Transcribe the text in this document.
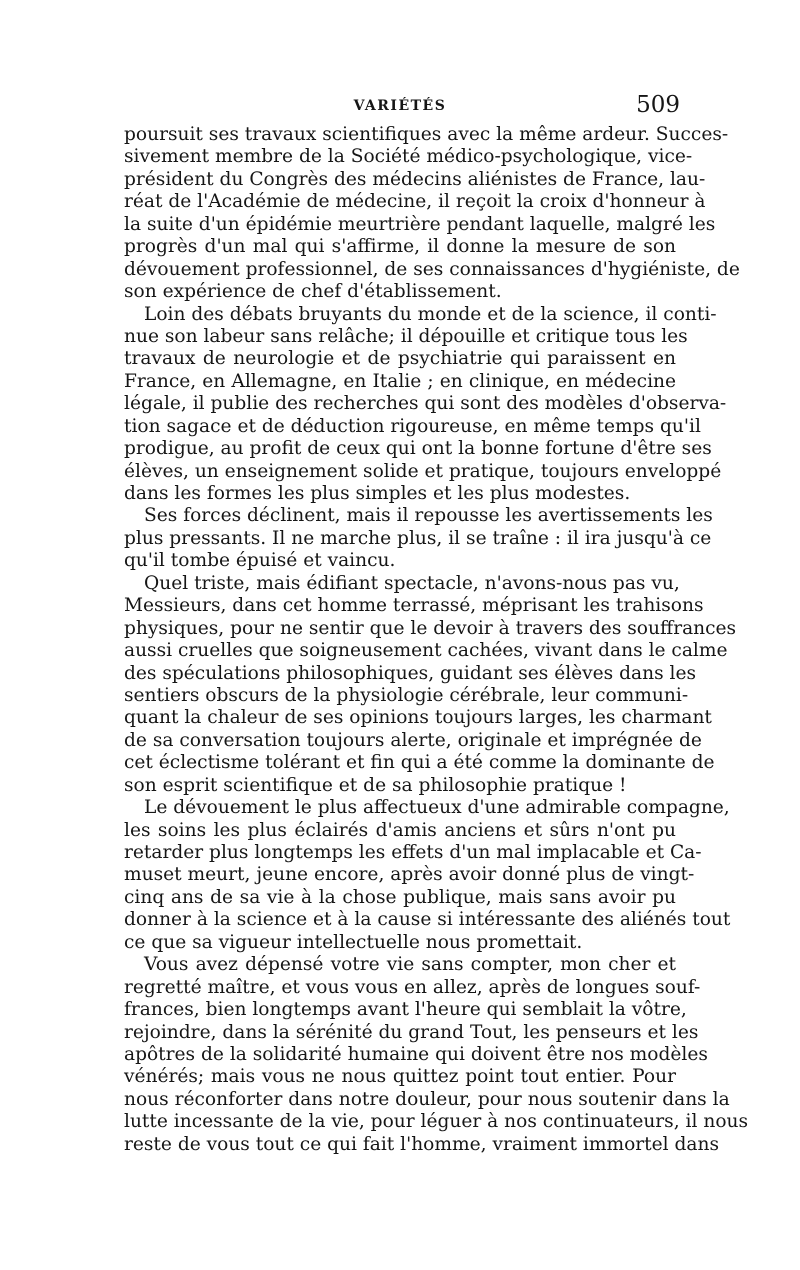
VARIÉTÉS	509
poursuit ses travaux scientifiques avec la même ardeur. Succes-
sivement membre de la Société médico-psychologique, vice-
président du Congrès des médecins aliénistes de France, lau-
réat de l'Académie de médecine, il reçoit la croix d'honneur à
la suite d'un épidémie meurtrière pendant laquelle, malgré les
progrès d'un mal qui s'affirme, il donne la mesure de son
dévouement professionnel, de ses connaissances d'hygiéniste, de
son expérience de chef d'établissement.
Loin des débats bruyants du monde et de la science, il conti-
nue son labeur sans relâche; il dépouille et critique tous les
travaux de neurologie et de psychiatrie qui paraissent en
France, en Allemagne, en Italie ; en clinique, en médecine
légale, il publie des recherches qui sont des modèles d'observa-
tion sagace et de déduction rigoureuse, en même temps qu'il
prodigue, au profit de ceux qui ont la bonne fortune d'être ses
élèves, un enseignement solide et pratique, toujours enveloppé
dans les formes les plus simples et les plus modestes.
Ses forces déclinent, mais il repousse les avertissements les
plus pressants. Il ne marche plus, il se traîne : il ira jusqu'à ce
qu'il tombe épuisé et vaincu.
Quel triste, mais édifiant spectacle, n'avons-nous pas vu,
Messieurs, dans cet homme terrassé, méprisant les trahisons
physiques, pour ne sentir que le devoir à travers des souffrances
aussi cruelles que soigneusement cachées, vivant dans le calme
des spéculations philosophiques, guidant ses élèves dans les
sentiers obscurs de la physiologie cérébrale, leur communi-
quant la chaleur de ses opinions toujours larges, les charmant
de sa conversation toujours alerte, originale et imprégnée de
cet éclectisme tolérant et fin qui a été comme la dominante de
son esprit scientifique et de sa philosophie pratique !
Le dévouement le plus affectueux d'une admirable compagne,
les soins les plus éclairés d'amis anciens et sûrs n'ont pu
retarder plus longtemps les effets d'un mal implacable et Ca-
muset meurt, jeune encore, après avoir donné plus de vingt-
cinq ans de sa vie à la chose publique, mais sans avoir pu
donner à la science et à la cause si intéressante des aliénés tout
ce que sa vigueur intellectuelle nous promettait.
Vous avez dépensé votre vie sans compter, mon cher et
regretté maître, et vous vous en allez, après de longues souf-
frances, bien longtemps avant l'heure qui semblait la vôtre,
rejoindre, dans la sérénité du grand Tout, les penseurs et les
apôtres de la solidarité humaine qui doivent être nos modèles
vénérés; mais vous ne nous quittez point tout entier. Pour
nous réconforter dans notre douleur, pour nous soutenir dans la
lutte incessante de la vie, pour léguer à nos continuateurs, il nous
reste de vous tout ce qui fait l'homme, vraiment immortel dans
